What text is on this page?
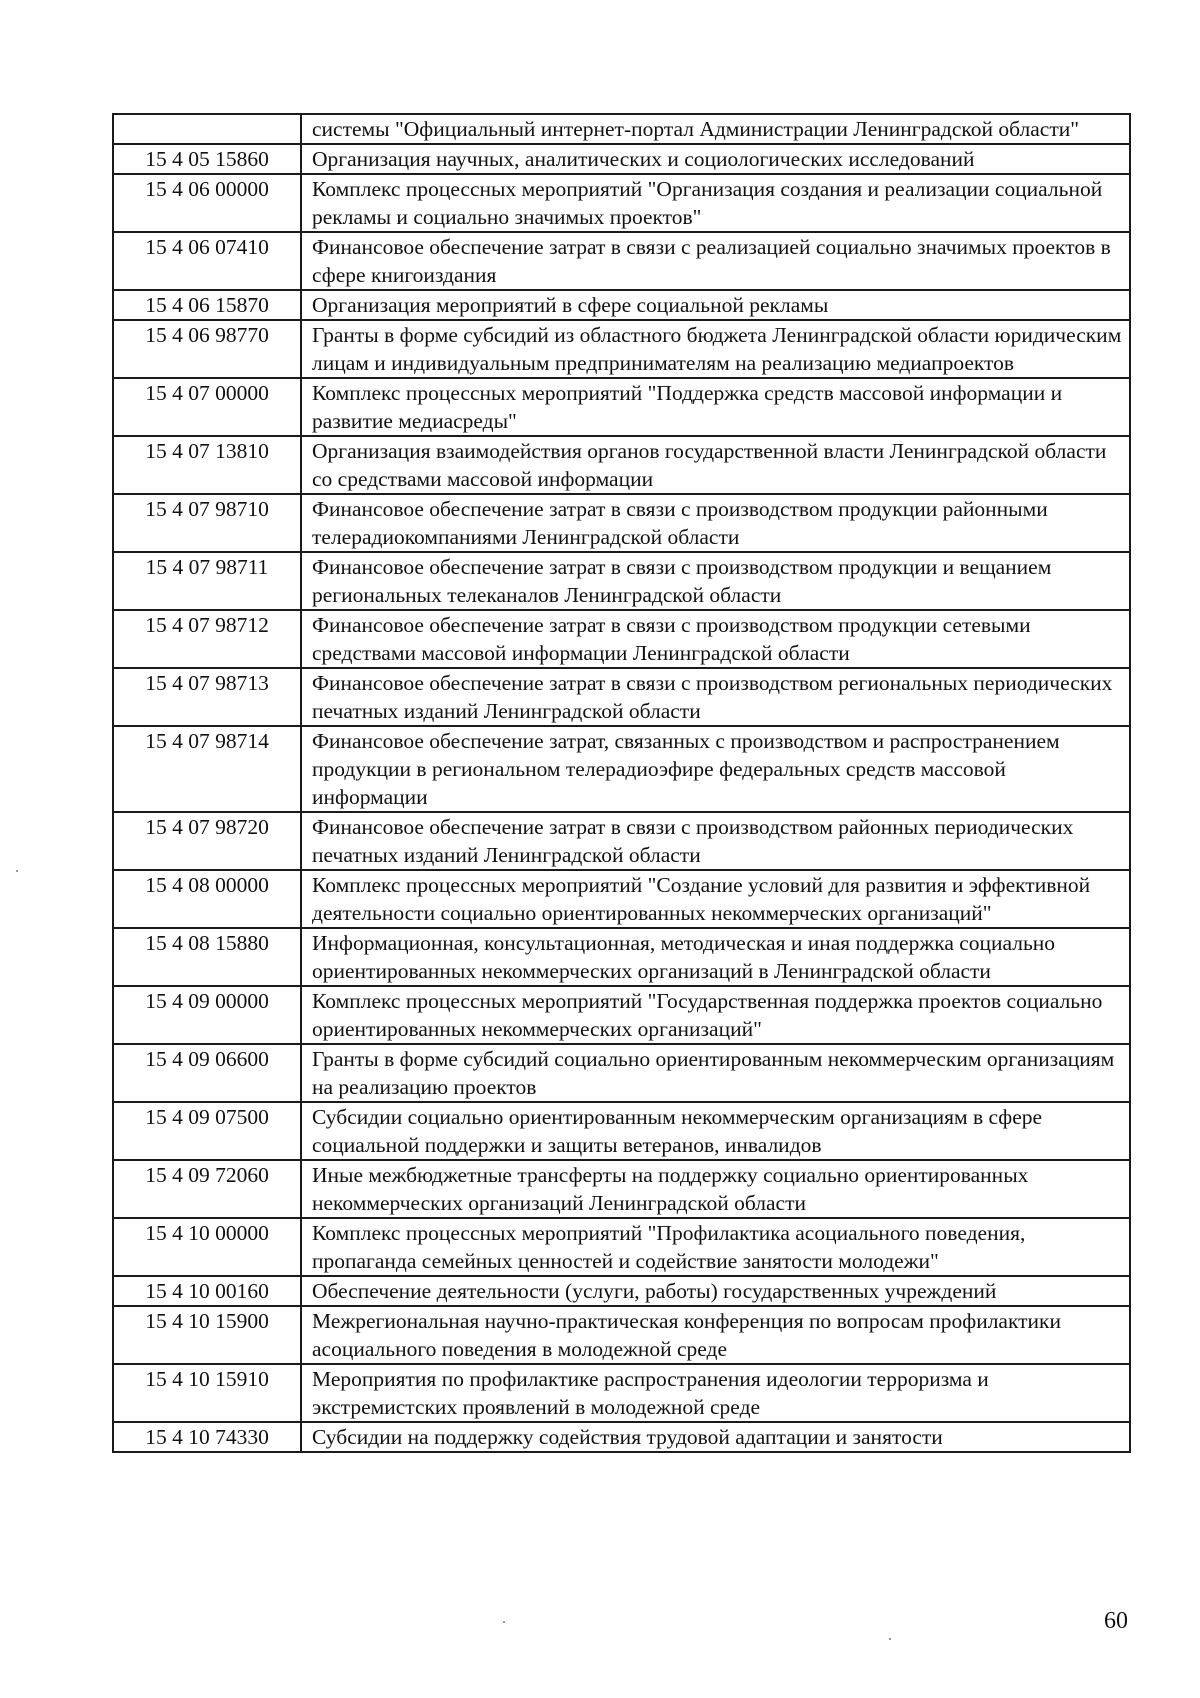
	системы "Официальный интернет-портал Администрации Ленинградской области"
15 4 05 15860	Организация научных, аналитических и социологических исследований
15 4 06 00000	Комплекс процессных мероприятий "Организация создания и реализации социальной рекламы и социально значимых проектов"
15 4 06 07410	Финансовое обеспечение затрат в связи с реализацией социально значимых проектов в сфере книгоиздания
15 4 06 15870	Организация мероприятий в сфере социальной рекламы
15 4 06 98770	Гранты в форме субсидий из областного бюджета Ленинградской области юридическим лицам и индивидуальным предпринимателям на реализацию медиапроектов
15 4 07 00000	Комплекс процессных мероприятий "Поддержка средств массовой информации и развитие медиасреды"
15 4 07 13810	Организация взаимодействия органов государственной власти Ленинградской области со средствами массовой информации
15 4 07 98710	Финансовое обеспечение затрат в связи с производством продукции районными телерадиокомпаниями Ленинградской области
15 4 07 98711	Финансовое обеспечение затрат в связи с производством продукции и вещанием региональных телеканалов Ленинградской области
15 4 07 98712	Финансовое обеспечение затрат в связи с производством продукции сетевыми средствами массовой информации Ленинградской области
15 4 07 98713	Финансовое обеспечение затрат в связи с производством региональных периодических печатных изданий Ленинградской области
15 4 07 98714	Финансовое обеспечение затрат, связанных с производством и распространением продукции в региональном телерадиоэфире федеральных средств массовой информации
15 4 07 98720	Финансовое обеспечение затрат в связи с производством районных периодических печатных изданий Ленинградской области
15 4 08 00000	Комплекс процессных мероприятий "Создание условий для развития и эффективной деятельности социально ориентированных некоммерческих организаций"
15 4 08 15880	Информационная, консультационная, методическая и иная поддержка социально ориентированных некоммерческих организаций в Ленинградской области
15 4 09 00000	Комплекс процессных мероприятий "Государственная поддержка проектов социально ориентированных некоммерческих организаций"
15 4 09 06600	Гранты в форме субсидий социально ориентированным некоммерческим организациям на реализацию проектов
15 4 09 07500	Субсидии социально ориентированным некоммерческим организациям в сфере социальной поддержки и защиты ветеранов, инвалидов
15 4 09 72060	Иные межбюджетные трансферты на поддержку социально ориентированных некоммерческих организаций Ленинградской области
15 4 10 00000	Комплекс процессных мероприятий "Профилактика асоциального поведения, пропаганда семейных ценностей и содействие занятости молодежи"
15 4 10 00160	Обеспечение деятельности (услуги, работы) государственных учреждений
15 4 10 15900	Межрегиональная научно-практическая конференция по вопросам профилактики асоциального поведения в молодежной среде
15 4 10 15910	Мероприятия по профилактике распространения идеологии терроризма и экстремистских проявлений в молодежной среде
15 4 10 74330	Субсидии на поддержку содействия трудовой адаптации и занятости
60
